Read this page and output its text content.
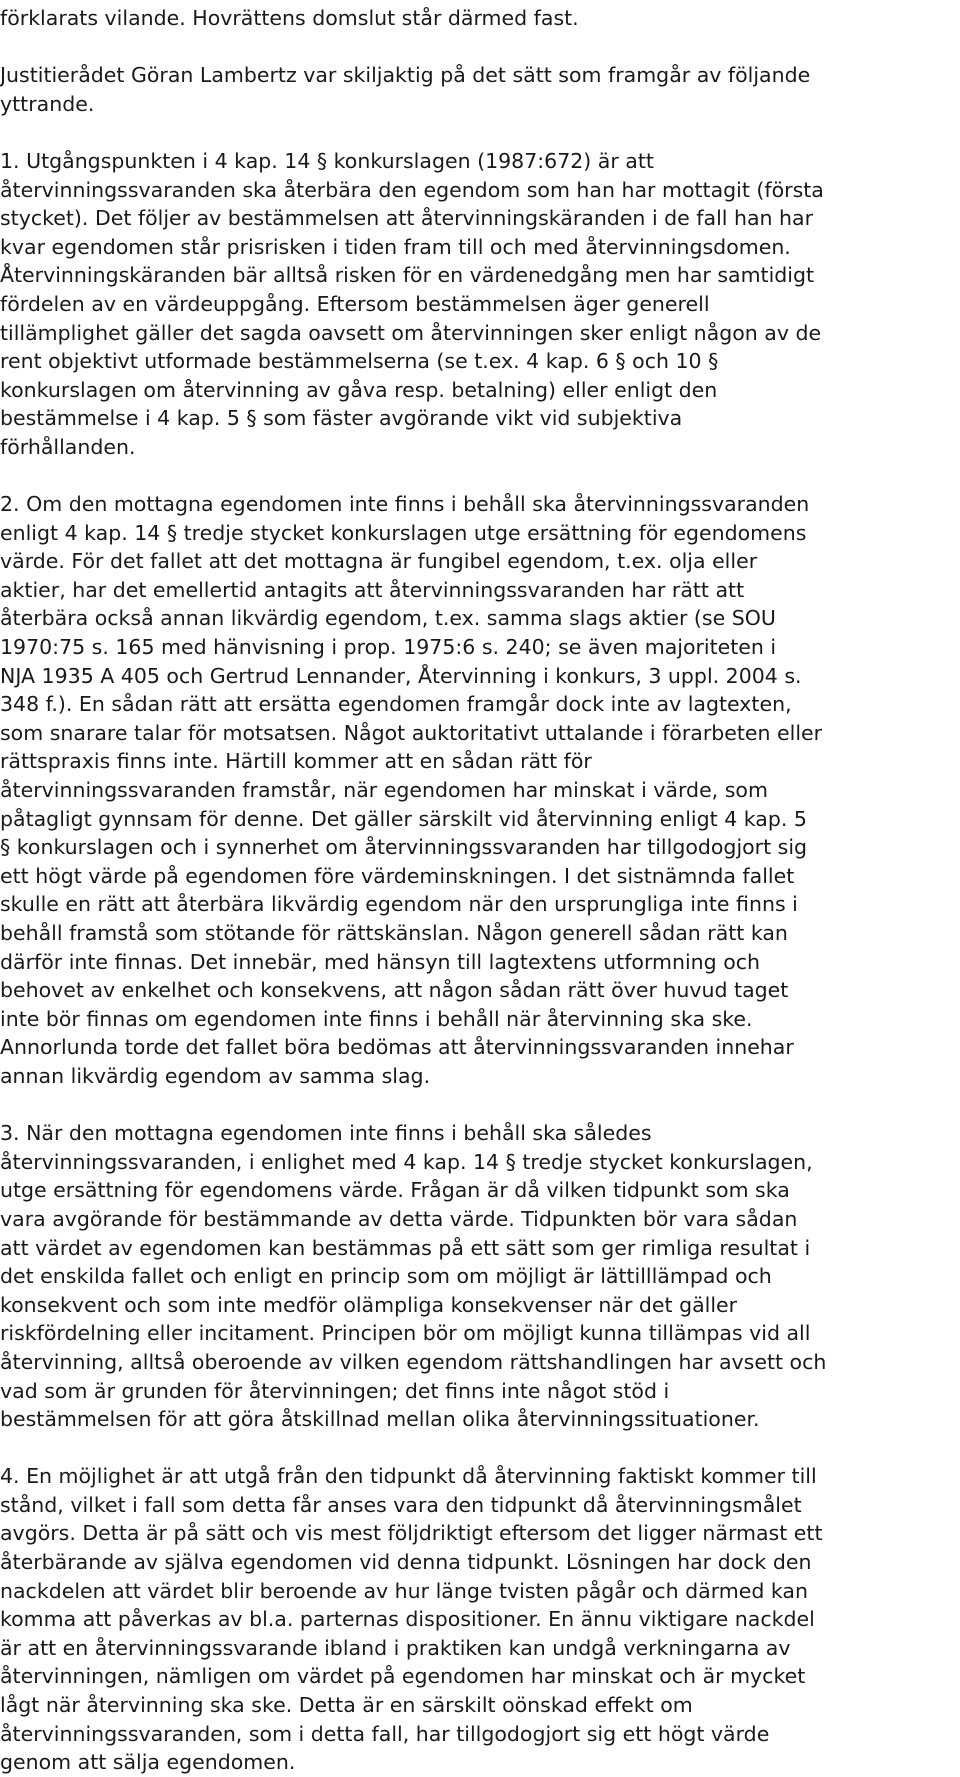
förklarats vilande. Hovrättens domslut står därmed fast.

Justitierådet Göran Lambertz var skiljaktig på det sätt som framgår av följande
yttrande.

1. Utgångspunkten i 4 kap. 14 § konkurslagen (1987:672) är att
återvinningssvaranden ska återbära den egendom som han har mottagit (första
stycket). Det följer av bestämmelsen att återvinningskäranden i de fall han har
kvar egendomen står prisrisken i tiden fram till och med återvinningsdomen.
Återvinningskäranden bär alltså risken för en värdenedgång men har samtidigt
fördelen av en värdeuppgång. Eftersom bestämmelsen äger generell
tillämplighet gäller det sagda oavsett om återvinningen sker enligt någon av de
rent objektivt utformade bestämmelserna (se t.ex. 4 kap. 6 § och 10 §
konkurslagen om återvinning av gåva resp. betalning) eller enligt den
bestämmelse i 4 kap. 5 § som fäster avgörande vikt vid subjektiva
förhållanden.

2. Om den mottagna egendomen inte finns i behåll ska återvinningssvaranden
enligt 4 kap. 14 § tredje stycket konkurslagen utge ersättning för egendomens
värde. För det fallet att det mottagna är fungibel egendom, t.ex. olja eller
aktier, har det emellertid antagits att återvinningssvaranden har rätt att
återbära också annan likvärdig egendom, t.ex. samma slags aktier (se SOU
1970:75 s. 165 med hänvisning i prop. 1975:6 s. 240; se även majoriteten i
NJA 1935 A 405 och Gertrud Lennander, Återvinning i konkurs, 3 uppl. 2004 s.
348 f.). En sådan rätt att ersätta egendomen framgår dock inte av lagtexten,
som snarare talar för motsatsen. Något auktoritativt uttalande i förarbeten eller
rättspraxis finns inte. Härtill kommer att en sådan rätt för
återvinningssvaranden framstår, när egendomen har minskat i värde, som
påtagligt gynnsam för denne. Det gäller särskilt vid återvinning enligt 4 kap. 5
§ konkurslagen och i synnerhet om återvinningssvaranden har tillgodogjort sig
ett högt värde på egendomen före värdeminskningen. I det sistnämnda fallet
skulle en rätt att återbära likvärdig egendom när den ursprungliga inte finns i
behåll framstå som stötande för rättskänslan. Någon generell sådan rätt kan
därför inte finnas. Det innebär, med hänsyn till lagtextens utformning och
behovet av enkelhet och konsekvens, att någon sådan rätt över huvud taget
inte bör finnas om egendomen inte finns i behåll när återvinning ska ske.
Annorlunda torde det fallet böra bedömas att återvinningssvaranden innehar
annan likvärdig egendom av samma slag.

3. När den mottagna egendomen inte finns i behåll ska således
återvinningssvaranden, i enlighet med 4 kap. 14 § tredje stycket konkurslagen,
utge ersättning för egendomens värde. Frågan är då vilken tidpunkt som ska
vara avgörande för bestämmande av detta värde. Tidpunkten bör vara sådan
att värdet av egendomen kan bestämmas på ett sätt som ger rimliga resultat i
det enskilda fallet och enligt en princip som om möjligt är lättilllämpad och
konsekvent och som inte medför olämpliga konsekvenser när det gäller
riskfördelning eller incitament. Principen bör om möjligt kunna tillämpas vid all
återvinning, alltså oberoende av vilken egendom rättshandlingen har avsett och
vad som är grunden för återvinningen; det finns inte något stöd i
bestämmelsen för att göra åtskillnad mellan olika återvinningssituationer.

4. En möjlighet är att utgå från den tidpunkt då återvinning faktiskt kommer till
stånd, vilket i fall som detta får anses vara den tidpunkt då återvinningsmålet
avgörs. Detta är på sätt och vis mest följdriktigt eftersom det ligger närmast ett
återbärande av själva egendomen vid denna tidpunkt. Lösningen har dock den
nackdelen att värdet blir beroende av hur länge tvisten pågår och därmed kan
komma att påverkas av bl.a. parternas dispositioner. En ännu viktigare nackdel
är att en återvinningssvarande ibland i praktiken kan undgå verkningarna av
återvinningen, nämligen om värdet på egendomen har minskat och är mycket
lågt när återvinning ska ske. Detta är en särskilt oönskad effekt om
återvinningssvaranden, som i detta fall, har tillgodogjort sig ett högt värde
genom att sälja egendomen.
